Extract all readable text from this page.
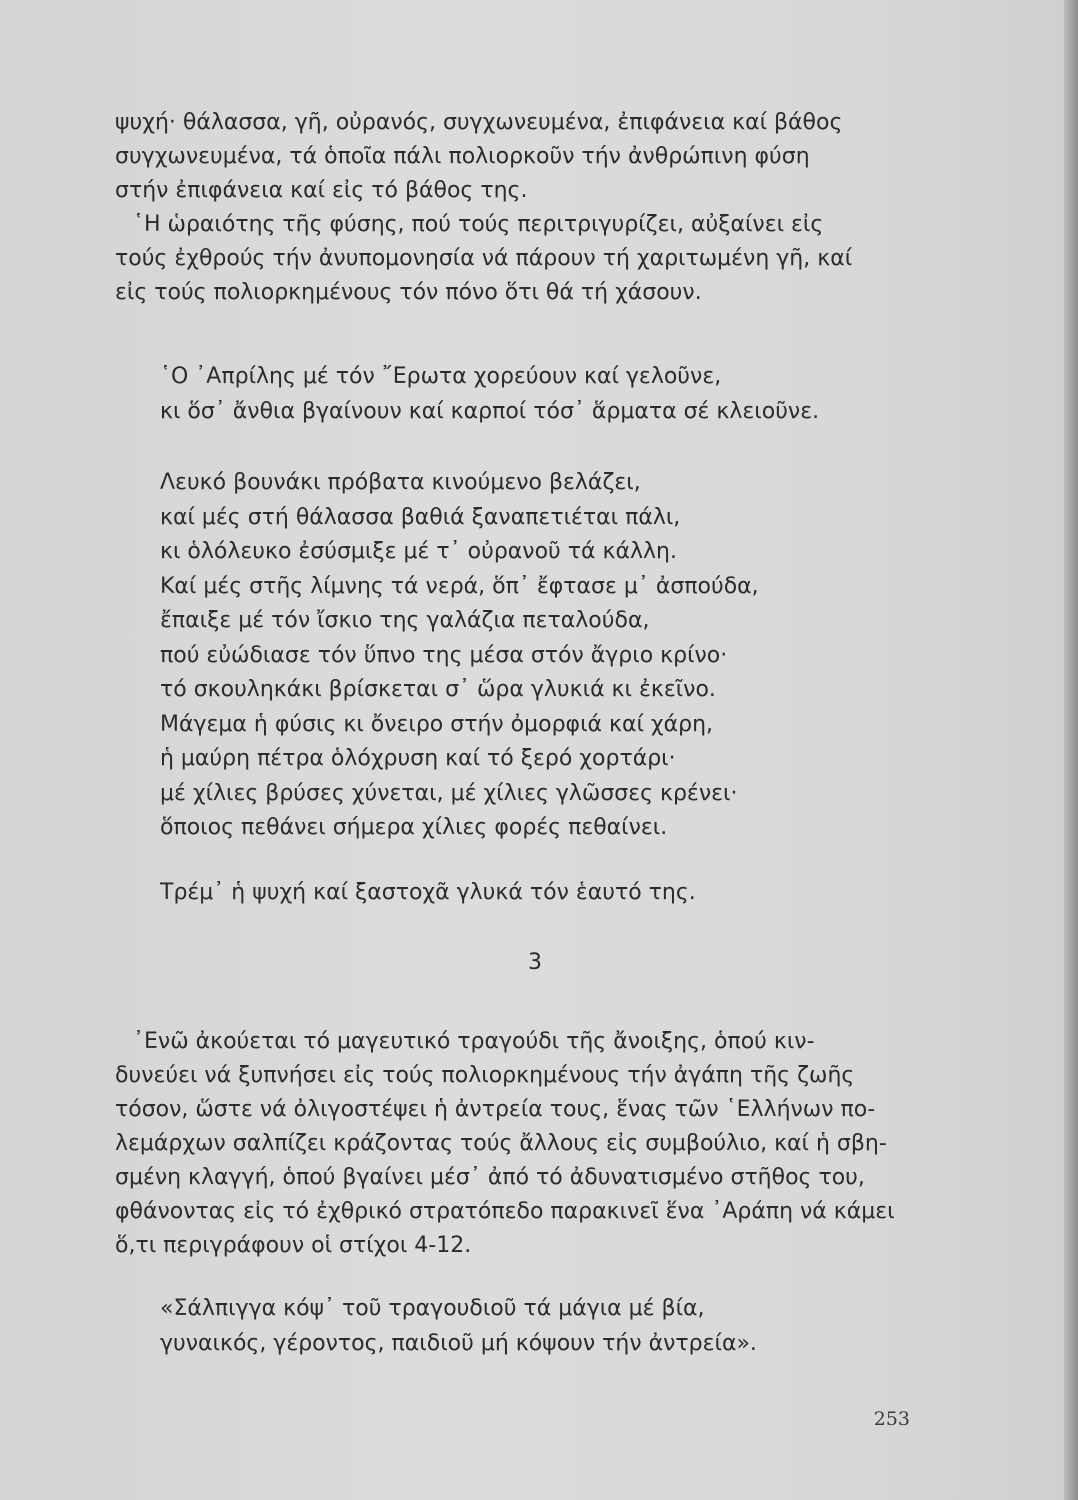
ψυχή· θάλασσα, γῆ, οὐρανός, συγχωνευμένα, ἐπιφάνεια καί βάθος
συγχωνευμένα, τά ὁποῖα πάλι πολιορκοῦν τήν ἀνθρώπινη φύση
στήν ἐπιφάνεια καί εἰς τό βάθος της.

῾Η ὡραιότης τῆς φύσης, πού τούς περιτριγυρίζει, αὐξαίνει εἰς
τούς ἐχθρούς τήν ἀνυπομονησία νά πάρουν τή χαριτωμένη γῆ, καί
εἰς τούς πολιορκημένους τόν πόνο ὅτι θά τή χάσουν.

῾Ο ᾿Απρίλης μέ τόν ῎Ερωτα χορεύουν καί γελοῦνε,
κι ὅσ᾿ ἄνθια βγαίνουν καί καρποί τόσ᾿ ἅρματα σέ κλειοῦνε.
Λευκό βουνάκι πρόβατα κινούμενο βελάζει,
καί μές στή θάλασσα βαθιά ξαναπετιέται πάλι,
κι ὁλόλευκο ἐσύσμιξε μέ τ᾿ οὐρανοῦ τά κάλλη.
Καί μές στῆς λίμνης τά νερά, ὅπ᾿ ἔφτασε μ᾿ ἀσπούδα,
ἔπαιξε μέ τόν ἴσκιο της γαλάζια πεταλούδα,
πού εὐώδιασε τόν ὕπνο της μέσα στόν ἄγριο κρίνο·
τό σκουληκάκι βρίσκεται σ᾿ ὥρα γλυκιά κι ἐκεῖνο.
Μάγεμα ἡ φύσις κι ὄνειρο στήν ὀμορφιά καί χάρη,
ἡ μαύρη πέτρα ὁλόχρυση καί τό ξερό χορτάρι·
μέ χίλιες βρύσες χύνεται, μέ χίλιες γλῶσσες κρένει·
ὅποιος πεθάνει σήμερα χίλιες φορές πεθαίνει.
Τρέμ᾿ ἡ ψυχή καί ξαστοχᾶ γλυκά τόν ἑαυτό της.
3

᾿Ενῶ ἀκούεται τό μαγευτικό τραγούδι τῆς ἄνοιξης, ὁπού κιν-
δυνεύει νά ξυπνήσει εἰς τούς πολιορκημένους τήν ἀγάπη τῆς ζωῆς
τόσον, ὥστε νά ὀλιγοστέψει ἡ ἀντρεία τους, ἕνας τῶν ῾Ελλήνων πο-
λεμάρχων σαλπίζει κράζοντας τούς ἄλλους εἰς συμβούλιο, καί ἡ σβη-
σμένη κλαγγή, ὁπού βγαίνει μέσ᾿ ἀπό τό ἀδυνατισμένο στῆθος του,
φθάνοντας εἰς τό ἐχθρικό στρατόπεδο παρακινεῖ ἕνα ᾿Αράπη νά κάμει
ὅ,τι περιγράφουν οἱ στίχοι 4-12.

«Σάλπιγγα κόψ᾿ τοῦ τραγουδιοῦ τά μάγια μέ βία,
γυναικός, γέροντος, παιδιοῦ μή κόψουν τήν ἀντρεία».
253
